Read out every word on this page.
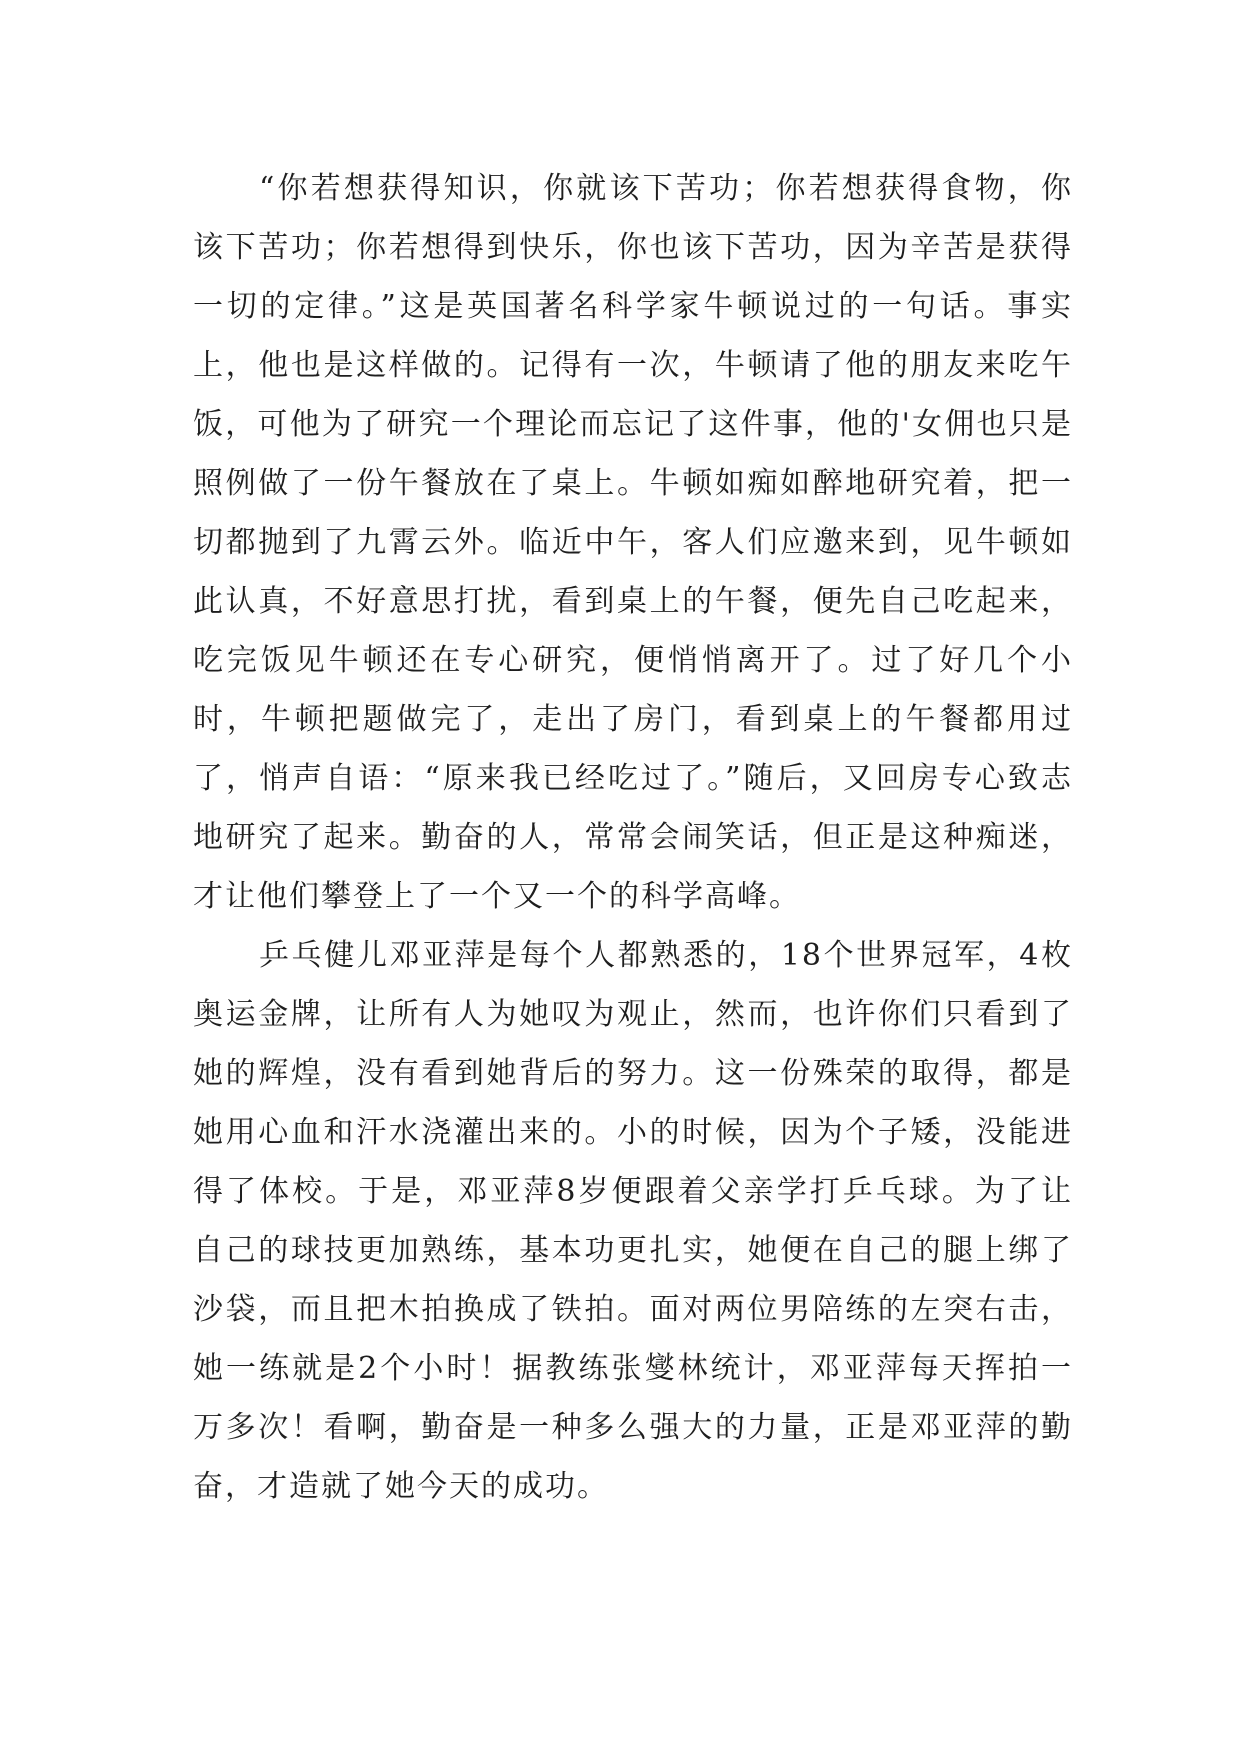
“你若想获得知识，你就该下苦功；你若想获得食物，你该下苦功；你若想得到快乐，你也该下苦功，因为辛苦是获得一切的定律。”这是英国著名科学家牛顿说过的一句话。事实上，他也是这样做的。记得有一次，牛顿请了他的朋友来吃午饭，可他为了研究一个理论而忘记了这件事，他的'女佣也只是照例做了一份午餐放在了桌上。牛顿如痴如醉地研究着，把一切都抛到了九霄云外。临近中午，客人们应邀来到，见牛顿如此认真，不好意思打扰，看到桌上的午餐，便先自己吃起来，吃完饭见牛顿还在专心研究，便悄悄离开了。过了好几个小时，牛顿把题做完了，走出了房门，看到桌上的午餐都用过了，悄声自语：“原来我已经吃过了。”随后，又回房专心致志地研究了起来。勤奋的人，常常会闹笑话，但正是这种痴迷，才让他们攀登上了一个又一个的科学高峰。

乒乓健儿邓亚萍是每个人都熟悉的，18个世界冠军，4枚奥运金牌，让所有人为她叹为观止，然而，也许你们只看到了她的辉煌，没有看到她背后的努力。这一份殊荣的取得，都是她用心血和汗水浇灌出来的。小的时候，因为个子矮，没能进得了体校。于是，邓亚萍8岁便跟着父亲学打乒乓球。为了让自己的球技更加熟练，基本功更扎实，她便在自己的腿上绑了沙袋，而且把木拍换成了铁拍。面对两位男陪练的左突右击，她一练就是2个小时！据教练张燮林统计，邓亚萍每天挥拍一万多次！看啊，勤奋是一种多么强大的力量，正是邓亚萍的勤奋，才造就了她今天的成功。
